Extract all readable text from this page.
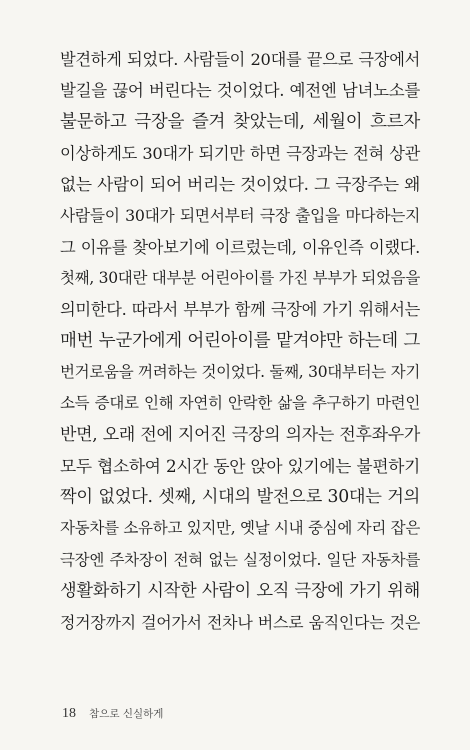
발견하게 되었다. 사람들이 20대를 끝으로 극장에서
발길을 끊어 버린다는 것이었다. 예전엔 남녀노소를
불문하고 극장을 즐겨 찾았는데, 세월이 흐르자
이상하게도 30대가 되기만 하면 극장과는 전혀 상관
없는 사람이 되어 버리는 것이었다. 그 극장주는 왜
사람들이 30대가 되면서부터 극장 출입을 마다하는지
그 이유를 찾아보기에 이르렀는데, 이유인즉 이랬다.
첫째, 30대란 대부분 어린아이를 가진 부부가 되었음을
의미한다. 따라서 부부가 함께 극장에 가기 위해서는
매번 누군가에게 어린아이를 맡겨야만 하는데 그
번거로움을 꺼려하는 것이었다. 둘째, 30대부터는 자기
소득 증대로 인해 자연히 안락한 삶을 추구하기 마련인
반면, 오래 전에 지어진 극장의 의자는 전후좌우가
모두 협소하여 2시간 동안 앉아 있기에는 불편하기
짝이 없었다. 셋째, 시대의 발전으로 30대는 거의
자동차를 소유하고 있지만, 옛날 시내 중심에 자리 잡은
극장엔 주차장이 전혀 없는 실정이었다. 일단 자동차를
생활화하기 시작한 사람이 오직 극장에 가기 위해
정거장까지 걸어가서 전차나 버스로 움직인다는 것은
18 참으로 신실하게
